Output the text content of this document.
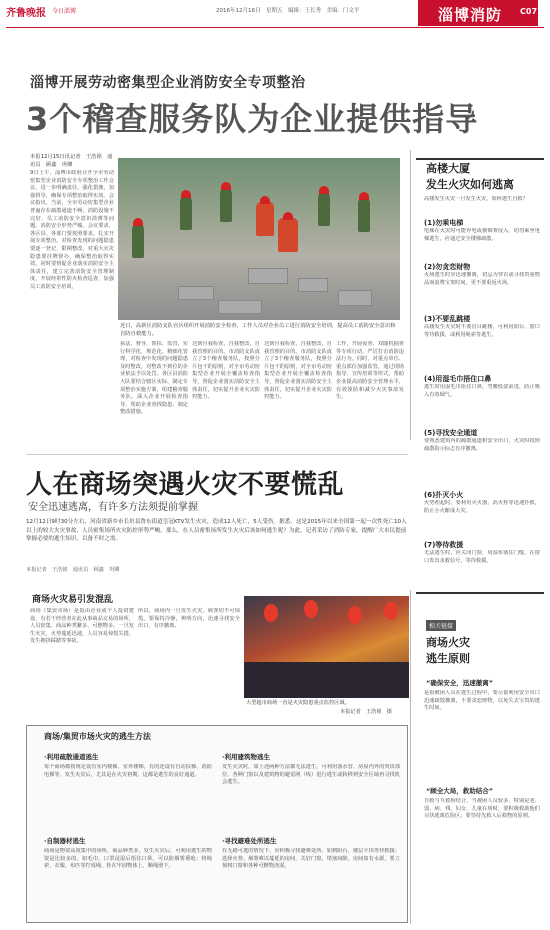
齐鲁晚报 今日淄博	2016年12月16日　星期五　编辑：王长秀　美编：门文平	淄博消防 C07
淄博开展劳动密集型企业消防安全专项整治
3个稽查服务队为企业提供指导
本报12月15日讯记者　王浩铭　通讯员　顾鑫　巩卿
9日上午，淄博市政府召开全市劳动密集型企业消防安全专项整治工作会议，进一步明确责任，强化措施，加强督导，确保专项整治取得实效。会议指出，当前，全市劳动密集型企业普遍存在疏散通道不畅、消防设施不完好、员工消防安全意识淡薄等问题，消防安全形势严峻。会议要求，各区县、各部门要按照要求，扎实开展专项整治，对检查发现的问题隐患要逐一登记、限期整改，对重大火灾隐患要挂牌督办，确保整治取得实效。同时要督促企业落实消防安全主体责任，建立完善消防安全管理制度，开展经常性防火检查巡查，加强员工消防安全培训。
近日，高新区消防支队官兵组织开展消防安全检查，工作人员对企业员工进行消防安全培训，提高员工消防安全意识和自防自救能力。
执法、督导、帮扶、监管，实行科学化、规范化、精细化管理，对检查中发现的问题隐患及时整改，对整改不到位的企业依法予以处罚。各区县消防大队要结合辖区实际，制定专项整治实施方案，组建稽查服务队，深入企业开展检查指导，帮助企业查找隐患、制定整改措施。
达到自我检查、自我整改、自我管理的目的。市消防支队成立了3个稽查服务队，按照分片包干的原则，对全市劳动密集型企业开展全覆盖检查指导，督促企业落实消防安全主体责任，切实提升企业火灾防控能力。
达到自我检查、自我整改、自我管理的目的。市消防支队成立了3个稽查服务队，按照分片包干的原则，对全市劳动密集型企业开展全覆盖检查指导，督促企业落实消防安全主体责任，切实提升企业火灾防控能力。
工作，开展夜查、双随机抽查等专项行动，严厉打击消防违法行为。同时，对重点单位、重点部位加强监管，通过现场指导、宣传培训等形式，帮助企业提高消防安全管理水平，有效预防和减少火灾事故发生。
高楼大厦
发生火灾如何逃离
高楼发生火灾一旦发生火灾，如何逃生自救？
(1)勿乘电梯
电梯在火灾时可能停电或被烟雾侵入，切勿乘坐电梯逃生，应通过安全楼梯疏散。
(2)勿贪恋财物
火场逃生时应迅速撤离，切忌为穿衣或寻找贵重物品而浪费宝贵时间，更不要重返火场。
(3)不要乱跳楼
高楼发生火灾时不要盲目跳楼，可利用阳台、窗口等待救援，或利用绳索等逃生。
(4)用湿毛巾捂住口鼻
逃生时用湿毛巾捂住口鼻，弯腰低姿前进，防止吸入有毒烟气。
(5)寻找安全通道
要熟悉建筑内的疏散通道和安全出口，火灾时按照疏散指示标志有序撤离。
(6)扑灭小火
火势初起时，要利用灭火器、消火栓等迅速扑救，防止小火酿成大灾。
(7)等待救援
无法逃生时，应关闭门窗，用湿布塞住门缝，在窗口发出求救信号，等待救援。
人在商场突遇火灾不要慌乱
安全迅速逃离，有许多方法须提前掌握
12月12日9时30分左右，河南省新乡市长垣县鲁东街道皇冠KTV发生火灾，造成12人死亡，5人受伤。据悉，这是2015年以来全国第一起一次性死亡10人以上的较大火灾事故，人员密集场所火灾防控形势严峻。那么，在人员密集场所发生火灾后该如何逃生呢？为此，记者采访了消防专家，提醒广大市民提前掌握必要的逃生知识，以备不时之需。
本报记者　王浩铭　通讯员　顾鑫　巩卿
商场火灾易引发混乱
商场（集贸市场）是指由企业或个人投资建设，有若干经营者在此从事商品交易的场所，人员密集，商品种类繁多，可燃物多。一旦发生火灾，火势蔓延迅速，人员容易惊慌失措，发生拥挤踩踏等事故。
所以，商场内一旦发生火灾，顾客切不可惊慌，要保持冷静，辨明方向，迅速寻找安全出口，有序撤离。
大型超市商场一直是火灾隐患重点监控区域。
本报记者　王浩铭　摄
商场/集贸市场火灾的逃生方法
·利用疏散通道逃生
每个商场都按规定设有室内楼梯、室外楼梯，有的还设有自动扶梯、消防电梯等，发生火灾后，尤其是在火灾初期，这都是逃生的良好通道。
·自制器材逃生
商场是物资高度集中的场所，商品种类多，发生火灾后，可利用逃生的物资是比较多的。如毛巾、口罩浸湿后捂住口鼻，可以防烟雾熏呛；将绳索、衣服、布匹等拧成绳，拴在牢固物体上，顺绳滑下。
·利用建筑物逃生
发生火灾时，如上述两种方法都无法逃生，可利用落水管、房屋内外的突出部位、各种门窗以及建筑物的避雷网（线）进行逃生或转移到安全区域再寻找机会逃生。
·寻找避难处所逃生
在无路可逃的情况下，应积极寻找避难处所，如到阳台、楼层平顶等待救援；选择火势、烟雾难以蔓延的房间，关好门窗，堵塞间隙，房间如有水源，要立刻将门窗和各种可燃物浇湿。
相关链接
商场火灾
逃生原则
“确保安全，迅速撤离”
是指被困人员在逃生过程中，要尽量利用安全出口迅速疏散撤离，不要贪恋财物，以免失去宝贵的逃生时间。
“顾全大局，救助结合”
自救与互救相结合，当被困人员较多，特别是老、弱、病、残、妇女、儿童在场时，要积极救助他们尽快逃离危险区；要坚持先救人后救物的原则。
